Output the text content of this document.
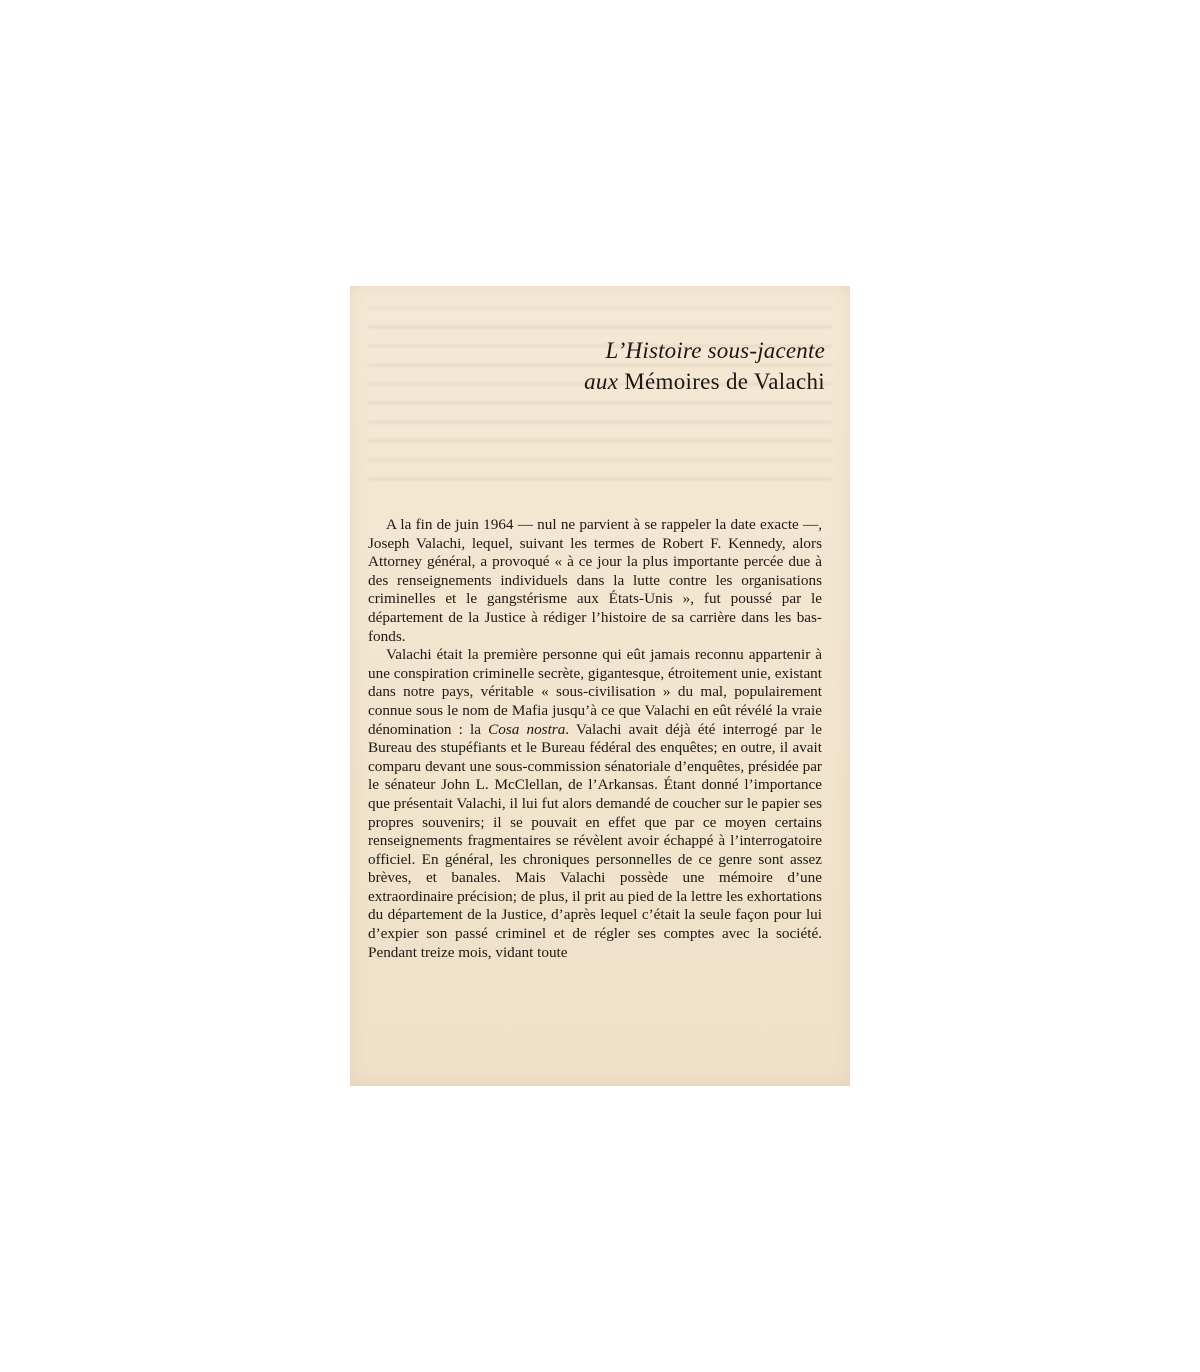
L’Histoire sous-jacente
aux Mémoires de Valachi

A la fin de juin 1964 — nul ne parvient à se rappeler la date exacte —, Joseph Valachi, lequel, suivant les termes de Robert F. Kennedy, alors Attorney général, a provoqué « à ce jour la plus importante percée due à des renseignements individuels dans la lutte contre les organisations criminelles et le gangstérisme aux États-Unis », fut poussé par le département de la Justice à rédiger l’histoire de sa carrière dans les bas-fonds.

Valachi était la première personne qui eût jamais reconnu appartenir à une conspiration criminelle secrète, gigantesque, étroitement unie, existant dans notre pays, véritable « sous-civilisation » du mal, populairement connue sous le nom de Mafia jusqu’à ce que Valachi en eût révélé la vraie dénomination : la Cosa nostra. Valachi avait déjà été interrogé par le Bureau des stupéfiants et le Bureau fédéral des enquêtes; en outre, il avait comparu devant une sous-commission sénatoriale d’enquêtes, présidée par le sénateur John L. McClellan, de l’Arkansas. Étant donné l’importance que présentait Valachi, il lui fut alors demandé de coucher sur le papier ses propres souvenirs; il se pouvait en effet que par ce moyen certains renseignements fragmentaires se révèlent avoir échappé à l’interrogatoire officiel. En général, les chroniques personnelles de ce genre sont assez brèves, et banales. Mais Valachi possède une mémoire d’une extraordinaire précision; de plus, il prit au pied de la lettre les exhortations du département de la Justice, d’après lequel c’était la seule façon pour lui d’expier son passé criminel et de régler ses comptes avec la société. Pendant treize mois, vidant toute
